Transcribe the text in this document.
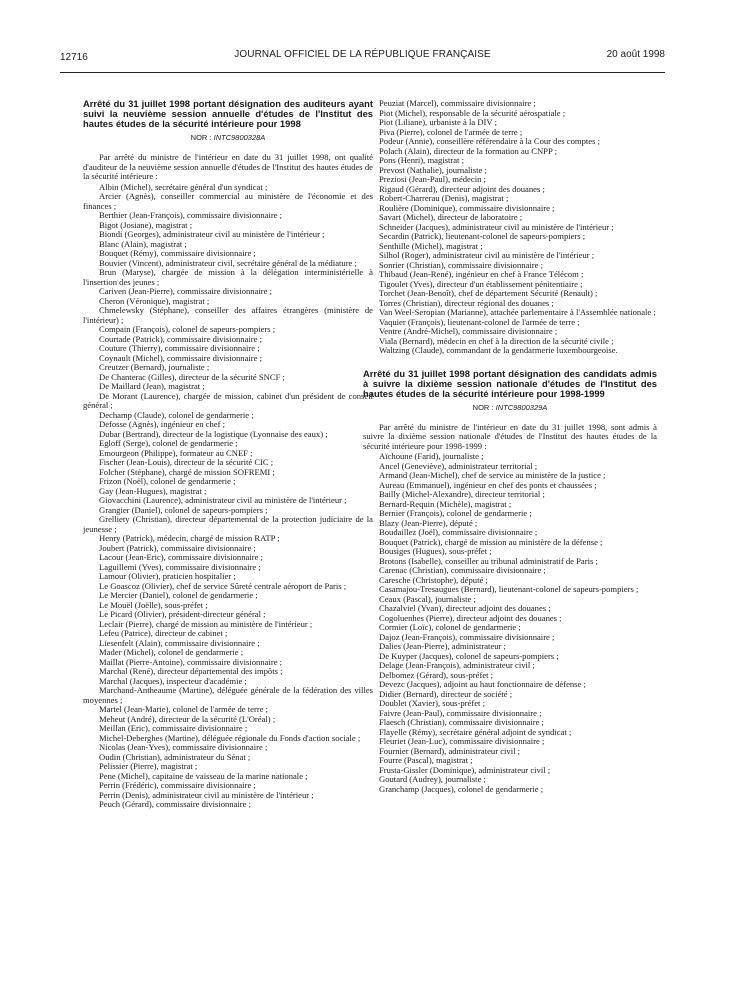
12716	JOURNAL OFFICIEL DE LA RÉPUBLIQUE FRANÇAISE	20 août 1998

Arrêté du 31 juillet 1998 portant désignation des auditeurs ayant suivi la neuvième session annuelle d'études de l'Institut des hautes études de la sécurité intérieure pour 1998

NOR : INTC9800328A

Par arrêté du ministre de l'intérieur en date du 31 juillet 1998, ont qualité d'auditeur de la neuvième session annuelle d'études de l'Institut des hautes études de la sécurité intérieure :

Albin (Michel), secrétaire général d'un syndicat ;
Arcier (Agnès), conseiller commercial au ministère de l'économie et des finances ;
Berthier (Jean-François), commissaire divisionnaire ;
Bigot (Josiane), magistrat ;
Biondi (Georges), administrateur civil au ministère de l'intérieur ;
Blanc (Alain), magistrat ;
Bouquet (Rémy), commissaire divisionnaire ;
Bouvier (Vincent), administrateur civil, secrétaire général de la médiature ;
Brun (Maryse), chargée de mission à la délégation interministérielle à l'insertion des jeunes ;
Cariven (Jean-Pierre), commissaire divisionnaire ;
Cheron (Véronique), magistrat ;
Chmelewsky (Stéphane), conseiller des affaires étrangères (ministère de l'intérieur) ;
Compain (François), colonel de sapeurs-pompiers ;
Courtade (Patrick), commissaire divisionnaire ;
Couture (Thierry), commissaire divisionnaire ;
Coynault (Michel), commissaire divisionnaire ;
Creutzer (Bernard), journaliste ;
De Chanterac (Gilles), directeur de la sécurité SNCF ;
De Maillard (Jean), magistrat ;
De Morant (Laurence), chargée de mission, cabinet d'un président de conseil général ;
Dechamp (Claude), colonel de gendarmerie ;
Defosse (Agnès), ingénieur en chef ;
Dubar (Bertrand), directeur de la logistique (Lyonnaise des eaux) ;
Egloff (Serge), colonel de gendarmerie ;
Emourgeon (Philippe), formateur au CNEF ;
Fischer (Jean-Louis), directeur de la sécurité CIC ;
Folcher (Stéphane), chargé de mission SOFREMI ;
Frizon (Noël), colonel de gendarmerie ;
Gay (Jean-Hugues), magistrat ;
Giovacchini (Laurence), administrateur civil au ministère de l'intérieur ;
Grangier (Daniel), colonel de sapeurs-pompiers ;
Grelliety (Christian), directeur départemental de la protection judiciaire de la jeunesse ;
Henry (Patrick), médecin, chargé de mission RATP ;
Joubert (Patrick), commissaire divisionnaire ;
Lacour (Jean-Eric), commissaire divisionnaire ;
Laguillemi (Yves), commissaire divisionnaire ;
Lamour (Olivier), praticien hospitalier ;
Le Goascoz (Olivier), chef de service Sûreté centrale aéroport de Paris ;
Le Mercier (Daniel), colonel de gendarmerie ;
Le Mouël (Joëlle), sous-préfet ;
Le Picard (Olivier), président-directeur général ;
Leclair (Pierre), chargé de mission au ministère de l'intérieur ;
Lefeu (Patrice), directeur de cabinet ;
Liesenfelt (Alain), commissaire divisionnaire ;
Mader (Michel), colonel de gendarmerie ;
Maillat (Pierre-Antoine), commissaire divisionnaire ;
Marchal (René), directeur départemental des impôts ;
Marchal (Jacques), inspecteur d'académie ;
Marchand-Antheaume (Martine), déléguée générale de la fédération des villes moyennes ;
Martel (Jean-Marie), colonel de l'armée de terre ;
Meheut (André), directeur de la sécurité (L'Oréal) ;
Meillan (Eric), commissaire divisionnaire ;
Michel-Deberghes (Martine), déléguée régionale du Fonds d'action sociale ;
Nicolas (Jean-Yves), commissaire divisionnaire ;
Oudin (Christian), administrateur du Sénat ;
Pelissier (Pierre), magistrat ;
Pene (Michel), capitaine de vaisseau de la marine nationale ;
Perrin (Frédéric), commissaire divisionnaire ;
Perrin (Denis), administrateur civil au ministère de l'intérieur ;
Peuch (Gérard), commissaire divisionnaire ;
Peuziat (Marcel), commissaire divisionnaire ;
Piot (Michel), responsable de la sécurité aérospatiale ;
Piot (Liliane), urbaniste à la DIV ;
Piva (Pierre), colonel de l'armée de terre ;
Podeur (Annie), conseillère référendaire à la Cour des comptes ;
Polach (Alain), directeur de la formation au CNPP ;
Pons (Henri), magistrat ;
Prevost (Nathalie), journaliste ;
Preziosi (Jean-Paul), médecin ;
Rigaud (Gérard), directeur adjoint des douanes ;
Robert-Charrerau (Denis), magistrat ;
Roulière (Dominique), commissaire divisionnaire ;
Savart (Michel), directeur de laboratoire ;
Schneider (Jacques), administrateur civil au ministère de l'intérieur ;
Secardin (Patrick), lieutenant-colonel de sapeurs-pompiers ;
Senthille (Michel), magistrat ;
Silhol (Roger), administrateur civil au ministère de l'intérieur ;
Sonrier (Christian), commissaire divisionnaire ;
Thibaud (Jean-René), ingénieur en chef à France Télécom ;
Tigoulet (Yves), directeur d'un établissement pénitentiaire ;
Torchet (Jean-Benoît), chef de département Sécurité (Renault) ;
Torres (Christian), directeur régional des douanes ;
Van Weel-Seropian (Marianne), attachée parlementaire à l'Assemblée nationale ;
Vaquier (François), lieutenant-colonel de l'armée de terre ;
Ventre (André-Michel), commissaire divisionnaire ;
Viala (Bernard), médecin en chef à la direction de la sécurité civile ;
Waltzing (Claude), commandant de la gendarmerie luxembourgeoise.

Arrêté du 31 juillet 1998 portant désignation des candidats admis à suivre la dixième session nationale d'études de l'Institut des hautes études de la sécurité intérieure pour 1998-1999

NOR : INTC9800329A

Par arrêté du ministre de l'intérieur en date du 31 juillet 1998, sont admis à suivre la dixième session nationale d'études de l'Institut des hautes études de la sécurité intérieure pour 1998-1999 :

Aïchoune (Farid), journaliste ;
Ancel (Geneviève), administrateur territorial ;
Armand (Jean-Michel), chef de service au ministère de la justice ;
Aureau (Emmanuel), ingénieur en chef des ponts et chaussées ;
Bailly (Michel-Alexandre), directeur territorial ;
Bernard-Requin (Michèle), magistrat ;
Bernier (François), colonel de gendarmerie ;
Blazy (Jean-Pierre), député ;
Boudaillez (Joël), commissaire divisionnaire ;
Bouquet (Patrick), chargé de mission au ministère de la défense ;
Bousiges (Hugues), sous-préfet ;
Brotons (Isabelle), conseiller au tribunal administratif de Paris ;
Carenac (Christian), commissaire divisionnaire ;
Caresche (Christophe), député ;
Casamajou-Tresaugues (Bernard), lieutenant-colonel de sapeurs-pompiers ;
Ceaux (Pascal), journaliste ;
Chazalviel (Yvan), directeur adjoint des douanes ;
Cogoluenhes (Pierre), directeur adjoint des douanes ;
Cormier (Loïc), colonel de gendarmerie ;
Dajoz (Jean-François), commissaire divisionnaire ;
Dalies (Jean-Pierre), administrateur ;
De Kuyper (Jacques), colonel de sapeurs-pompiers ;
Delage (Jean-François), administrateur civil ;
Delbomez (Gérard), sous-préfet ;
Devezc (Jacques), adjoint au haut fonctionnaire de défense ;
Didier (Bernard), directeur de société ;
Doublet (Xavier), sous-préfet ;
Faivre (Jean-Paul), commissaire divisionnaire ;
Flaesch (Christian), commissaire divisionnaire ;
Flayelle (Rémy), secrétaire général adjoint de syndicat ;
Fleuriet (Jean-Luc), commissaire divisionnaire ;
Fournier (Bernard), administrateur civil ;
Fourre (Pascal), magistrat ;
Frusta-Gissler (Dominique), administrateur civil ;
Goutard (Audrey), journaliste ;
Granchamp (Jacques), colonel de gendarmerie ;
